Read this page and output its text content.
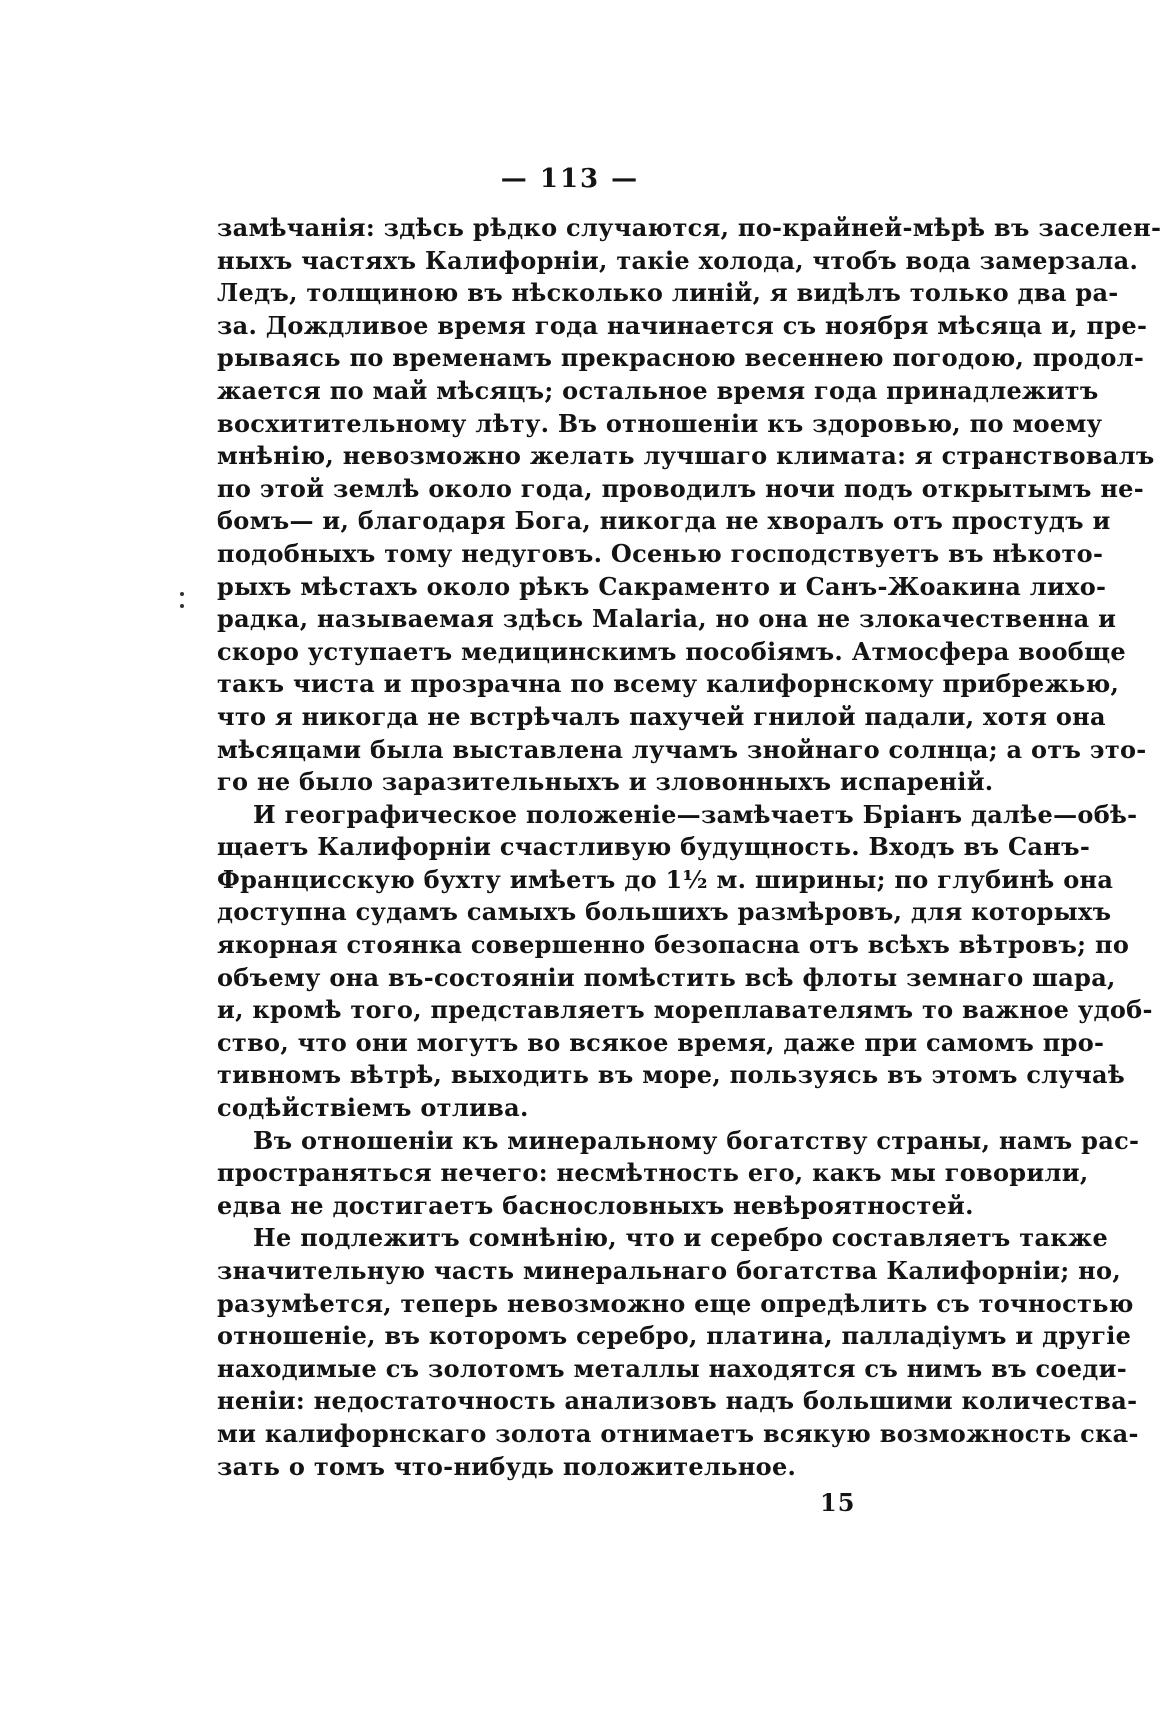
— 113 —
замѣчанія: здѣсь рѣдко случаются, по-крайней-мѣрѣ въ заселен-
ныхъ частяхъ Калифорніи, такіе холода, чтобъ вода замерзала.
Ледъ, толщиною въ нѣсколько линій, я видѣлъ только два ра-
за. Дождливое время года начинается съ ноября мѣсяца и, пре-
рываясь по временамъ прекрасною весеннею погодою, продол-
жается по май мѣсяцъ; остальное время года принадлежитъ
восхитительному лѣту. Въ отношеніи къ здоровью, по моему
мнѣнію, невозможно желать лучшаго климата: я странствовалъ
по этой землѣ около года, проводилъ ночи подъ открытымъ не-
бомъ— и, благодаря Бога, никогда не хворалъ отъ простудъ и
подобныхъ тому недуговъ. Осенью господствуетъ въ нѣкото-
рыхъ мѣстахъ около рѣкъ Сакраменто и Санъ-Жоакина лихо-
радка, называемая здѣсь Malaria, но она не злокачественна и
скоро уступаетъ медицинскимъ пособіямъ. Атмосфера вообще
такъ чиста и прозрачна по всему калифорнскому прибрежью,
что я никогда не встрѣчалъ пахучей гнилой падали, хотя она
мѣсяцами была выставлена лучамъ знойнаго солнца; а отъ это-
го не было заразительныхъ и зловонныхъ испареній.
И географическое положеніе—замѣчаетъ Бріанъ далѣе—обѣ-
щаетъ Калифорніи счастливую будущность. Входъ въ Санъ-
Францисскую бухту имѣетъ до 1½ м. ширины; по глубинѣ она
доступна судамъ самыхъ большихъ размѣровъ, для которыхъ
якорная стоянка совершенно безопасна отъ всѣхъ вѣтровъ; по
объему она въ-состояніи помѣстить всѣ флоты земнаго шара,
и, кромѣ того, представляетъ мореплавателямъ то важное удоб-
ство, что они могутъ во всякое время, даже при самомъ про-
тивномъ вѣтрѣ, выходить въ море, пользуясь въ этомъ случаѣ
содѣйствіемъ отлива.
Въ отношеніи къ минеральному богатству страны, намъ рас-
пространяться нечего: несмѣтность его, какъ мы говорили,
едва не достигаетъ баснословныхъ невѣроятностей.
Не подлежитъ сомнѣнію, что и серебро составляетъ также
значительную часть минеральнаго богатства Калифорніи; но,
разумѣется, теперь невозможно еще опредѣлить съ точностью
отношеніе, въ которомъ серебро, платина, палладіумъ и другіе
находимые съ золотомъ металлы находятся съ нимъ въ соеди-
неніи: недостаточность анализовъ надъ большими количества-
ми калифорнскаго золота отнимаетъ всякую возможность ска-
зать о томъ что-нибудь положительное.
15
